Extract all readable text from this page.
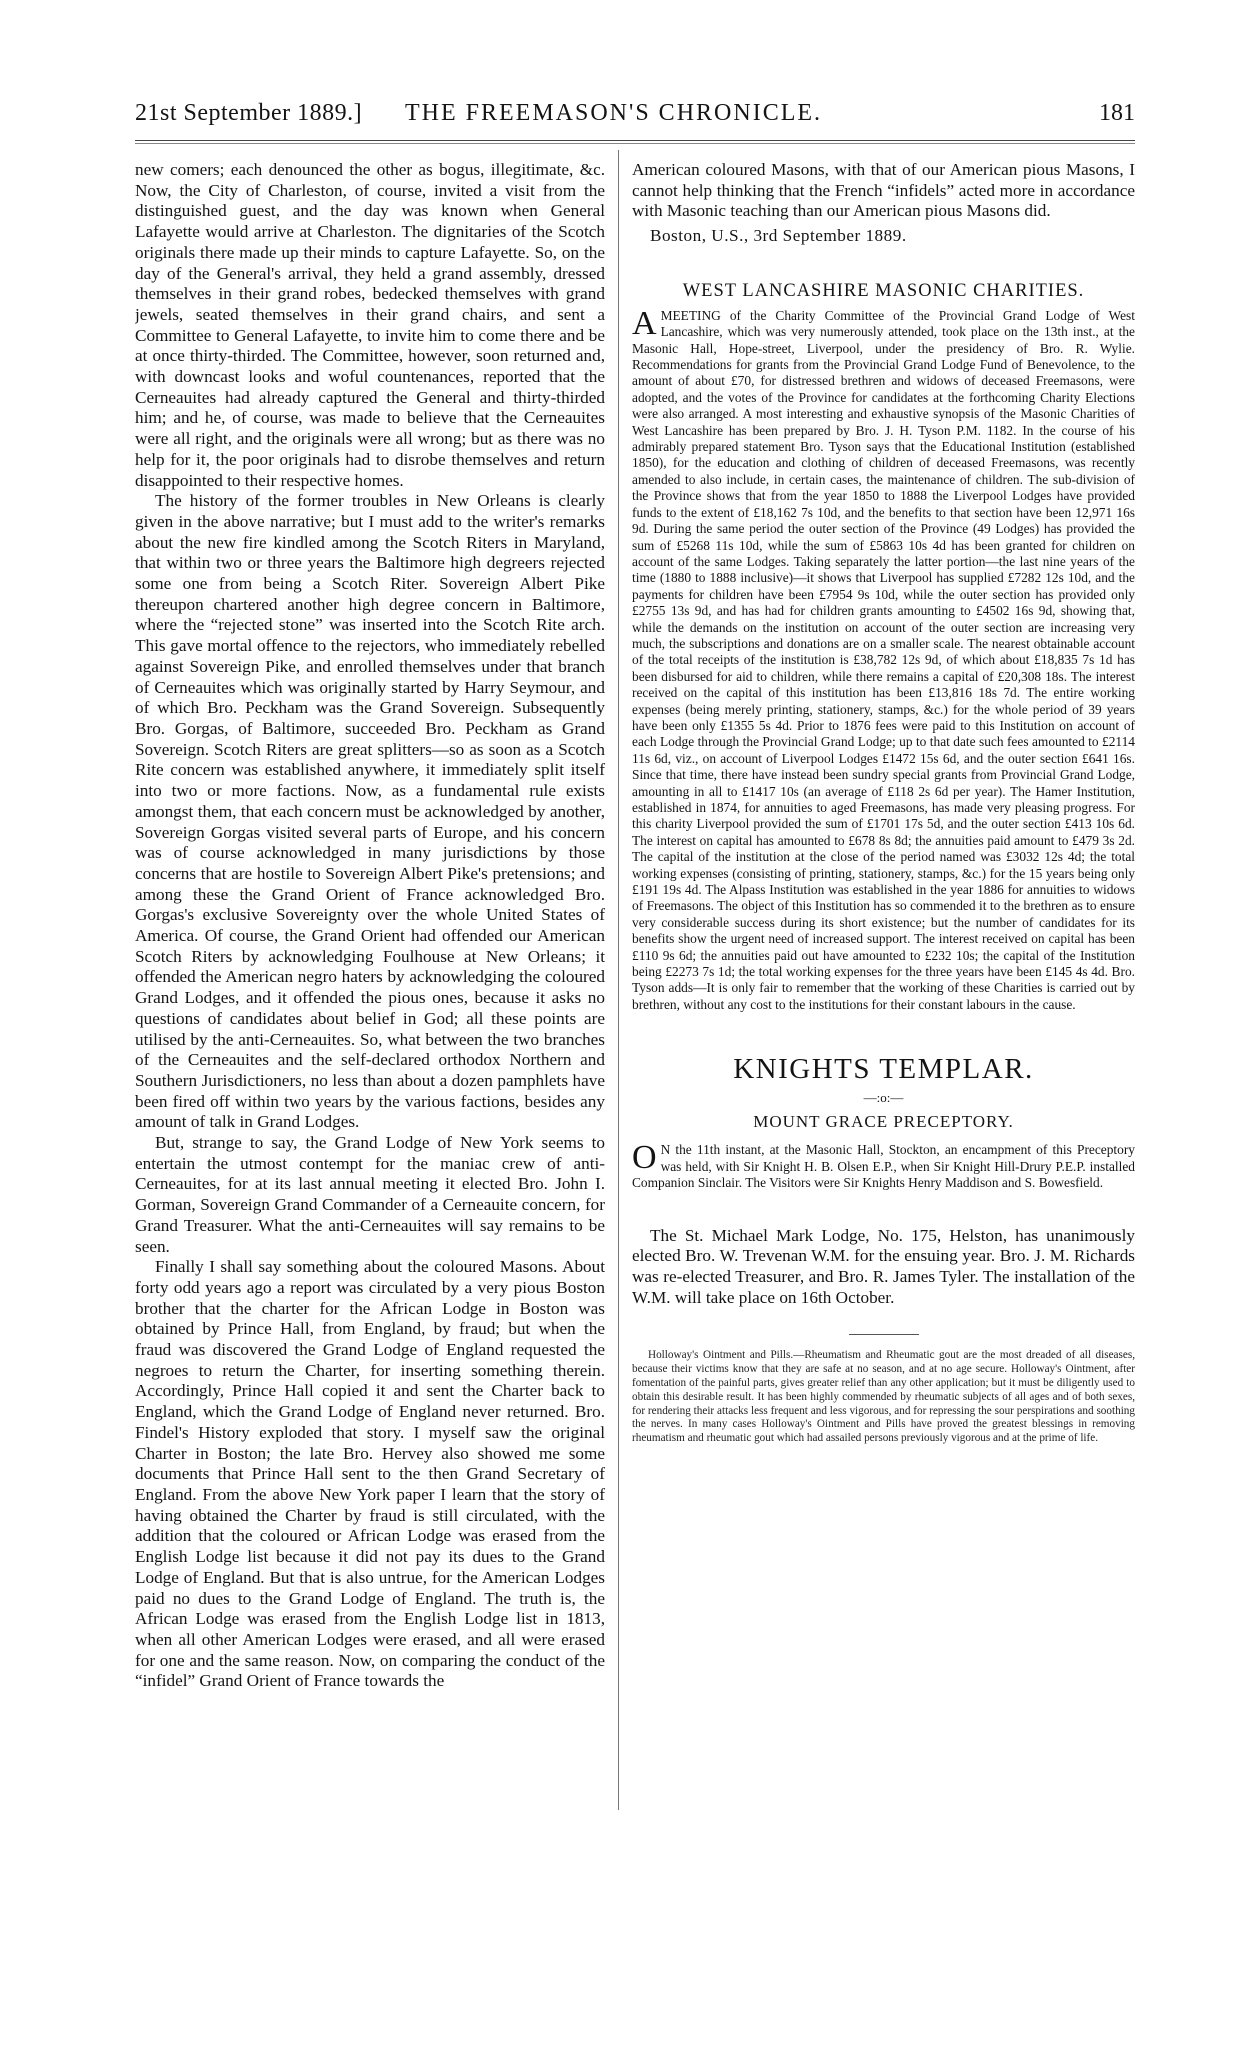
21st September 1889.] THE FREEMASON'S CHRONICLE.	181

new comers; each denounced the other as bogus, illegitimate, &c. Now, the City of Charleston, of course, invited a visit from the distinguished guest, and the day was known when General Lafayette would arrive at Charleston. The dignitaries of the Scotch originals there made up their minds to capture Lafayette. So, on the day of the General's arrival, they held a grand assembly, dressed themselves in their grand robes, bedecked themselves with grand jewels, seated themselves in their grand chairs, and sent a Committee to General Lafayette, to invite him to come there and be at once thirty-thirded. The Committee, however, soon returned and, with downcast looks and woful countenances, reported that the Cerneauites had already captured the General and thirty-thirded him; and he, of course, was made to believe that the Cerneauites were all right, and the originals were all wrong; but as there was no help for it, the poor originals had to disrobe themselves and return disappointed to their respective homes.

The history of the former troubles in New Orleans is clearly given in the above narrative; but I must add to the writer's remarks about the new fire kindled among the Scotch Riters in Maryland, that within two or three years the Baltimore high degreers rejected some one from being a Scotch Riter. Sovereign Albert Pike thereupon chartered another high degree concern in Baltimore, where the “rejected stone” was inserted into the Scotch Rite arch. This gave mortal offence to the rejectors, who immediately rebelled against Sovereign Pike, and enrolled themselves under that branch of Cerneauites which was originally started by Harry Seymour, and of which Bro. Peckham was the Grand Sovereign. Subsequently Bro. Gorgas, of Baltimore, succeeded Bro. Peckham as Grand Sovereign. Scotch Riters are great splitters—so as soon as a Scotch Rite concern was established anywhere, it immediately split itself into two or more factions. Now, as a fundamental rule exists amongst them, that each concern must be acknowledged by another, Sovereign Gorgas visited several parts of Europe, and his concern was of course acknowledged in many jurisdictions by those concerns that are hostile to Sovereign Albert Pike's pretensions; and among these the Grand Orient of France acknowledged Bro. Gorgas's exclusive Sovereignty over the whole United States of America. Of course, the Grand Orient had offended our American Scotch Riters by acknowledging Foulhouse at New Orleans; it offended the American negro haters by acknowledging the coloured Grand Lodges, and it offended the pious ones, because it asks no questions of candidates about belief in God; all these points are utilised by the anti-Cerneauites. So, what between the two branches of the Cerneauites and the self-declared orthodox Northern and Southern Jurisdictioners, no less than about a dozen pamphlets have been fired off within two years by the various factions, besides any amount of talk in Grand Lodges.

But, strange to say, the Grand Lodge of New York seems to entertain the utmost contempt for the maniac crew of anti-Cerneauites, for at its last annual meeting it elected Bro. John I. Gorman, Sovereign Grand Commander of a Cerneauite concern, for Grand Treasurer. What the anti-Cerneauites will say remains to be seen.

Finally I shall say something about the coloured Masons. About forty odd years ago a report was circulated by a very pious Boston brother that the charter for the African Lodge in Boston was obtained by Prince Hall, from England, by fraud; but when the fraud was discovered the Grand Lodge of England requested the negroes to return the Charter, for inserting something therein. Accordingly, Prince Hall copied it and sent the Charter back to England, which the Grand Lodge of England never returned. Bro. Findel's History exploded that story. I myself saw the original Charter in Boston; the late Bro. Hervey also showed me some documents that Prince Hall sent to the then Grand Secretary of England. From the above New York paper I learn that the story of having obtained the Charter by fraud is still circulated, with the addition that the coloured or African Lodge was erased from the English Lodge list because it did not pay its dues to the Grand Lodge of England. But that is also untrue, for the American Lodges paid no dues to the Grand Lodge of England. The truth is, the African Lodge was erased from the English Lodge list in 1813, when all other American Lodges were erased, and all were erased for one and the same reason. Now, on comparing the conduct of the “infidel” Grand Orient of France towards the

American coloured Masons, with that of our American pious Masons, I cannot help thinking that the French “infidels” acted more in accordance with Masonic teaching than our American pious Masons did.

Boston, U.S., 3rd September 1889.

WEST LANCASHIRE MASONIC CHARITIES.

AMEETING of the Charity Committee of the Provincial Grand Lodge of West Lancashire, which was very numerously attended, took place on the 13th inst., at the Masonic Hall, Hope-street, Liverpool, under the presidency of Bro. R. Wylie. Recommendations for grants from the Provincial Grand Lodge Fund of Benevolence, to the amount of about £70, for distressed brethren and widows of deceased Freemasons, were adopted, and the votes of the Province for candidates at the forthcoming Charity Elections were also arranged. A most interesting and exhaustive synopsis of the Masonic Charities of West Lancashire has been prepared by Bro. J. H. Tyson P.M. 1182. In the course of his admirably prepared statement Bro. Tyson says that the Educational Institution (established 1850), for the education and clothing of children of deceased Freemasons, was recently amended to also include, in certain cases, the maintenance of children. The sub-division of the Province shows that from the year 1850 to 1888 the Liverpool Lodges have provided funds to the extent of £18,162 7s 10d, and the benefits to that section have been 12,971 16s 9d. During the same period the outer section of the Province (49 Lodges) has provided the sum of £5268 11s 10d, while the sum of £5863 10s 4d has been granted for children on account of the same Lodges. Taking separately the latter portion—the last nine years of the time (1880 to 1888 inclusive)—it shows that Liverpool has supplied £7282 12s 10d, and the payments for children have been £7954 9s 10d, while the outer section has provided only £2755 13s 9d, and has had for children grants amounting to £4502 16s 9d, showing that, while the demands on the institution on account of the outer section are increasing very much, the subscriptions and donations are on a smaller scale. The nearest obtainable account of the total receipts of the institution is £38,782 12s 9d, of which about £18,835 7s 1d has been disbursed for aid to children, while there remains a capital of £20,308 18s. The interest received on the capital of this institution has been £13,816 18s 7d. The entire working expenses (being merely printing, stationery, stamps, &c.) for the whole period of 39 years have been only £1355 5s 4d. Prior to 1876 fees were paid to this Institution on account of each Lodge through the Provincial Grand Lodge; up to that date such fees amounted to £2114 11s 6d, viz., on account of Liverpool Lodges £1472 15s 6d, and the outer section £641 16s. Since that time, there have instead been sundry special grants from Provincial Grand Lodge, amounting in all to £1417 10s (an average of £118 2s 6d per year). The Hamer Institution, established in 1874, for annuities to aged Freemasons, has made very pleasing progress. For this charity Liverpool provided the sum of £1701 17s 5d, and the outer section £413 10s 6d. The interest on capital has amounted to £678 8s 8d; the annuities paid amount to £479 3s 2d. The capital of the institution at the close of the period named was £3032 12s 4d; the total working expenses (consisting of printing, stationery, stamps, &c.) for the 15 years being only £191 19s 4d. The Alpass Institution was established in the year 1886 for annuities to widows of Freemasons. The object of this Institution has so commended it to the brethren as to ensure very considerable success during its short existence; but the number of candidates for its benefits show the urgent need of increased support. The interest received on capital has been £110 9s 6d; the annuities paid out have amounted to £232 10s; the capital of the Institution being £2273 7s 1d; the total working expenses for the three years have been £145 4s 4d. Bro. Tyson adds—It is only fair to remember that the working of these Charities is carried out by brethren, without any cost to the institutions for their constant labours in the cause.

KNIGHTS TEMPLAR.
—:o:—
MOUNT GRACE PRECEPTORY.

O N the 11th instant, at the Masonic Hall, Stockton, an encampment of this Preceptory was held, with Sir Knight H. B. Olsen E.P., when Sir Knight Hill-Drury P.E.P. installed Companion Sinclair. The Visitors were Sir Knights Henry Maddison and S. Bowesfield.

The St. Michael Mark Lodge, No. 175, Helston, has unanimously elected Bro. W. Trevenan W.M. for the ensuing year. Bro. J. M. Richards was re-elected Treasurer, and Bro. R. James Tyler. The installation of the W.M. will take place on 16th October.

Holloway's Ointment and Pills.—Rheumatism and Rheumatic gout are the most dreaded of all diseases, because their victims know that they are safe at no season, and at no age secure. Holloway's Ointment, after fomentation of the painful parts, gives greater relief than any other application; but it must be diligently used to obtain this desirable result. It has been highly commended by rheumatic subjects of all ages and of both sexes, for rendering their attacks less frequent and less vigorous, and for repressing the sour perspirations and soothing the nerves. In many cases Holloway's Ointment and Pills have proved the greatest blessings in removing rheumatism and rheumatic gout which had assailed persons previously vigorous and at the prime of life.
